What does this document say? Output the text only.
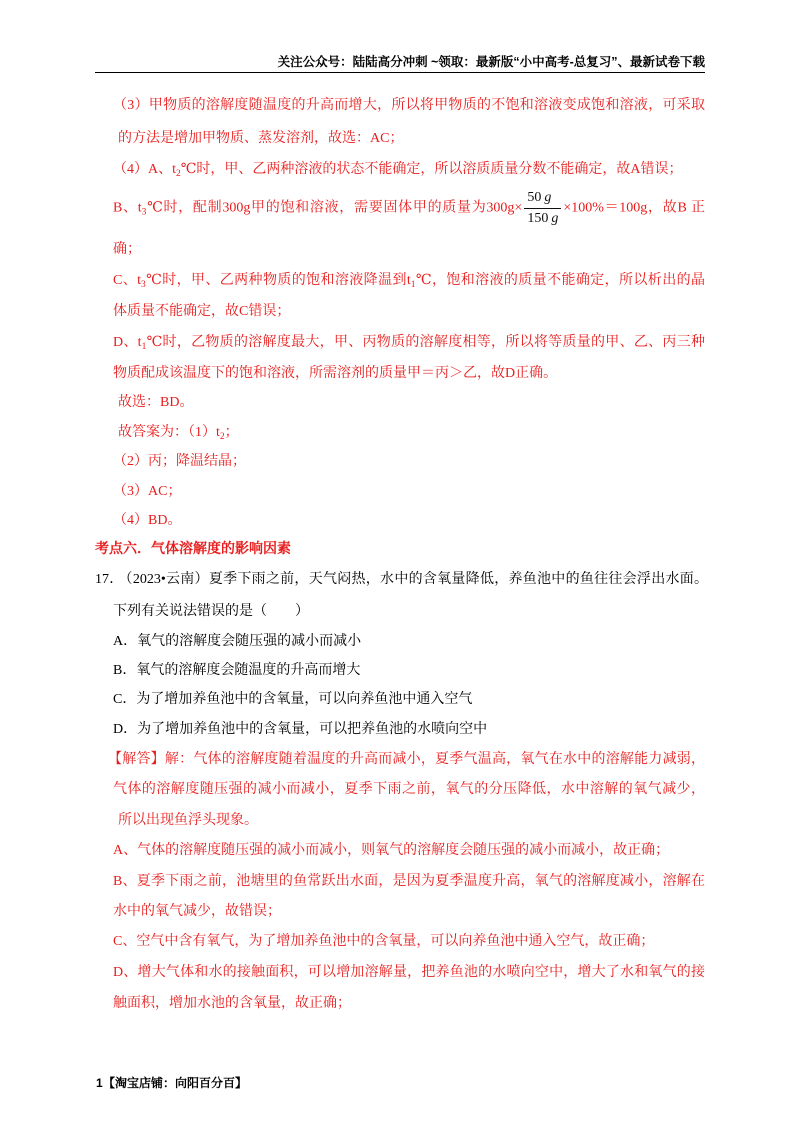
关注公众号：陆陆高分冲刺 ~领取：最新版“小中高考-总复习”、最新试卷下载
（3）甲物质的溶解度随温度的升高而增大，所以将甲物质的不饱和溶液变成饱和溶液，可采取
的方法是增加甲物质、蒸发溶剂，故选：AC；
（4）A、$t_2℃$时，甲、乙两种溶液的状态不能确定，所以溶质质量分数不能确定，故A错误；
B、$t_3℃$时，配制300g甲的饱和溶液，需要固体甲的质量为$300g\times \frac{50 g}{150 g} \times 100\%=100g$，故B 正
确；
C、$t_3℃$时，甲、乙两种物质的饱和溶液降温到$t_1℃$，饱和溶液的质量不能确定，所以析出的晶
体质量不能确定，故C错误；
D、$t_1℃$时，乙物质的溶解度最大，甲、丙物质的溶解度相等，所以将等质量的甲、乙、丙三种
物质配成该温度下的饱和溶液，所需溶剂的质量甲＝丙＞乙，故D正确。
故选：BD。
故答案为：$(1)t_2$；
（2）丙；降温结晶；
（3）AC；
（4）BD。
考点六．气体溶解度的影响因素
17． （2023•云南）夏季下雨之前，天气闷热，水中的含氧量降低，养鱼池中的鱼往往会浮出水面。
下列有关说法错误的是（　　）
A．氧气的溶解度会随压强的减小而减小
B．氧气的溶解度会随温度的升高而增大
C．为了增加养鱼池中的含氧量，可以向养鱼池中通入空气
D．为了增加养鱼池中的含氧量，可以把养鱼池的水喷向空中
【解答】解：气体的溶解度随着温度的升高而减小，夏季气温高，氧气在水中的溶解能力减弱，
气体的溶解度随压强的减小而减小，夏季下雨之前，氧气的分压降低，水中溶解的氧气减少，
所以出现鱼浮头现象。
A、气体的溶解度随压强的减小而减小，则氧气的溶解度会随压强的减小而减小，故正确；
B、夏季下雨之前，池塘里的鱼常跃出水面，是因为夏季温度升高，氧气的溶解度减小，溶解在
水中的氧气减少，故错误；
C、空气中含有氧气，为了增加养鱼池中的含氧量，可以向养鱼池中通入空气，故正确；
D、增大气体和水的接触面积，可以增加溶解量，把养鱼池的水喷向空中，增大了水和氧气的接
触面积，增加水池的含氧量，故正确；
1 【淘宝店铺：向阳百分百】
